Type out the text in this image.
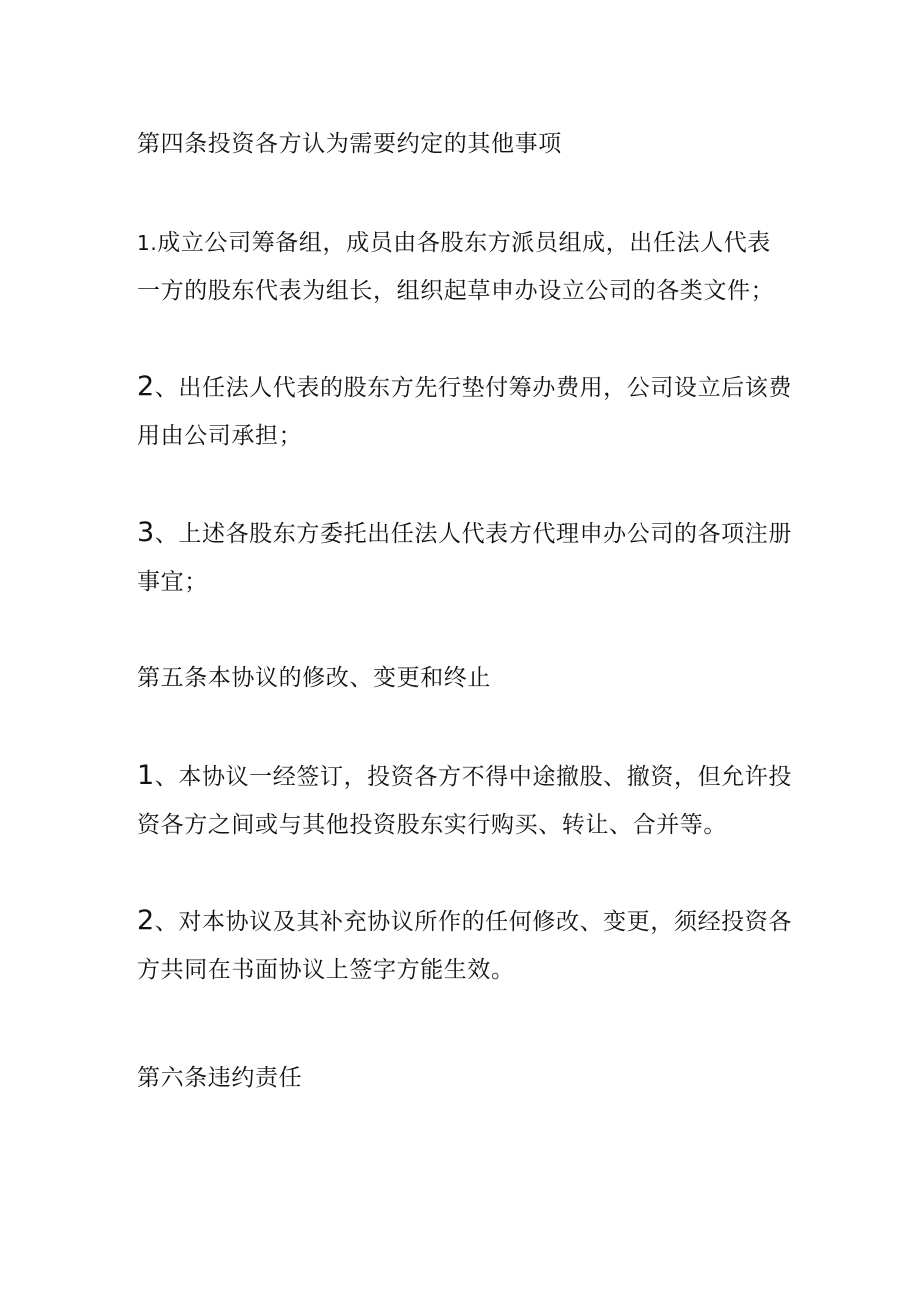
第四条投资各方认为需要约定的其他事项
1.成立公司筹备组，成员由各股东方派员组成，出任法人代表
一方的股东代表为组长，组织起草申办设立公司的各类文件；
2、出任法人代表的股东方先行垫付筹办费用，公司设立后该费
用由公司承担；
3、上述各股东方委托出任法人代表方代理申办公司的各项注册
事宜；
第五条本协议的修改、变更和终止
1、本协议一经签订，投资各方不得中途撤股、撤资，但允许投
资各方之间或与其他投资股东实行购买、转让、合并等。
2、对本协议及其补充协议所作的任何修改、变更，须经投资各
方共同在书面协议上签字方能生效。
第六条违约责任
